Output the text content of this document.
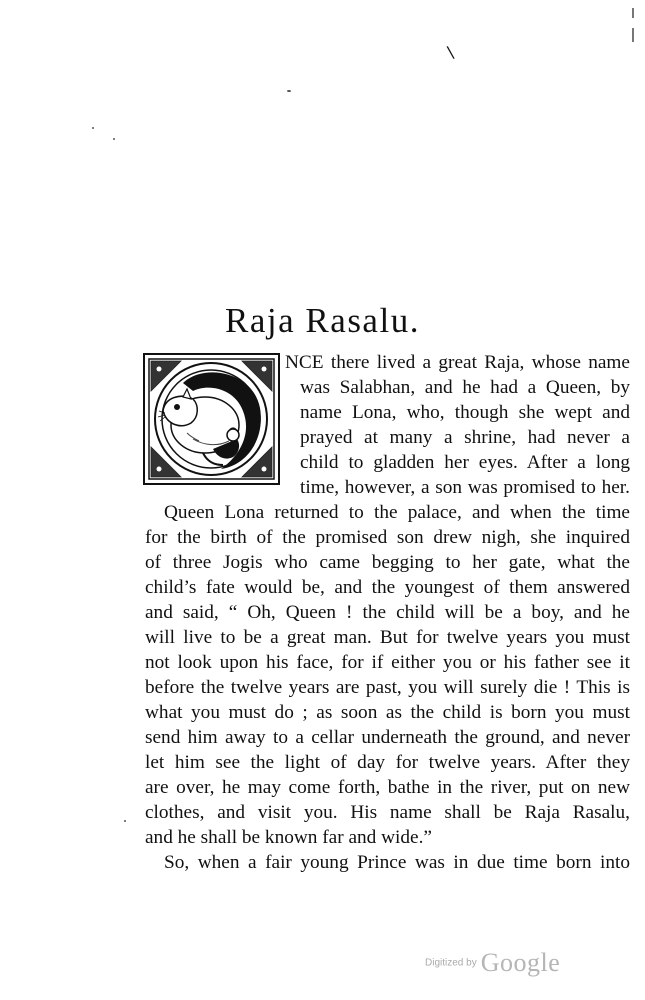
\
Raja Rasalu.
NCE there lived a great Raja, whose name
was Salabhan, and he had a Queen, by
name Lona, who, though she wept and
prayed at many a shrine, had never a
child to gladden her eyes. After a long
time, however, a son was promised to her.
Queen Lona returned to the palace, and when the time
for the birth of the promised son drew nigh, she inquired
of three Jogis who came begging to her gate, what the
child’s fate would be, and the youngest of them answered
and said, “ Oh, Queen ! the child will be a boy, and he
will live to be a great man. But for twelve years you must
not look upon his face, for if either you or his father see it
before the twelve years are past, you will surely die ! This is
what you must do ; as soon as the child is born you must
send him away to a cellar underneath the ground, and never
let him see the light of day for twelve years. After they
are over, he may come forth, bathe in the river, put on new
clothes, and visit you. His name shall be Raja Rasalu,
and he shall be known far and wide.”
So, when a fair young Prince was in due time born into
Digitized by Google
